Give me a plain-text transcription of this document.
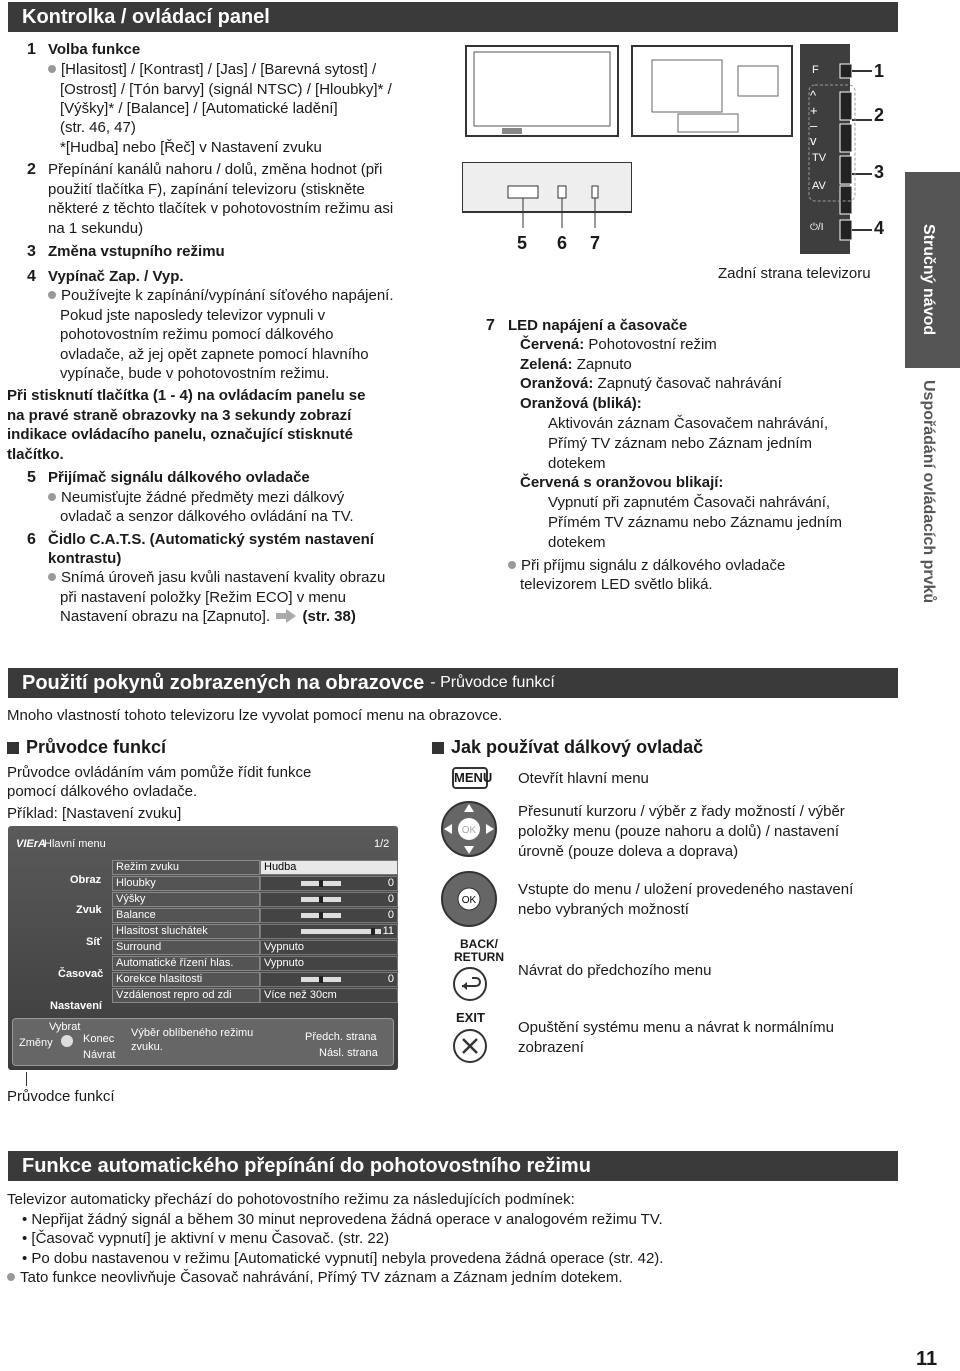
Kontrolka / ovládací panel
1 Volba funkce
[Hlasitost] / [Kontrast] / [Jas] / [Barevná sytost] /
[Ostrost] / [Tón barvy] (signál NTSC) / [Hloubky]* /
[Výšky]* / [Balance] / [Automatické ladění]
(str. 46, 47)
*[Hudba] nebo [Řeč] v Nastavení zvuku
2 Přepínání kanálů nahoru / dolů, změna hodnot (při
použití tlačítka F), zapínání televizoru (stiskněte
některé z těchto tlačítek v pohotovostním režimu asi
na 1 sekundu)
3 Změna vstupního režimu
4 Vypínač Zap. / Vyp.
Používejte k zapínání/vypínání síťového napájení.
Pokud jste naposledy televizor vypnuli v
pohotovostním režimu pomocí dálkového
ovladače, až jej opět zapnete pomocí hlavního
vypínače, bude v pohotovostním režimu.
Při stisknutí tlačítka (1 - 4) na ovládacím panelu se
na pravé straně obrazovky na 3 sekundy zobrazí
indikace ovládacího panelu, označující stisknuté
tlačítko.
5 Přijímač signálu dálkového ovladače
Neumisťujte žádné předměty mezi dálkový
ovladač a senzor dálkového ovládání na TV.
6 Čidlo C.A.T.S. (Automatický systém nastavení
kontrastu)
Snímá úroveň jasu kvůli nastavení kvality obrazu
při nastavení položky [Režim ECO] v menu
Nastavení obrazu na [Zapnuto]. (str. 38)
5 6 7
F
^
+
–
v
TV
AV
⏻/I
1
2
3
4
Zadní strana televizoru
7 LED napájení a časovače
Červená: Pohotovostní režim
Zelená: Zapnuto
Oranžová: Zapnutý časovač nahrávání
Oranžová (bliká):
Aktivován záznam Časovačem nahrávání,
Přímý TV záznam nebo Záznam jedním
dotekem
Červená s oranžovou blikají:
Vypnutí při zapnutém Časovači nahrávání,
Přímém TV záznamu nebo Záznamu jedním
dotekem
Při příjmu signálu z dálkového ovladače
televizorem LED světlo bliká.
Stručný návod
Uspořádání ovládacích prvků
Použití pokynů zobrazených na obrazovce - Průvodce funkcí
Mnoho vlastností tohoto televizoru lze vyvolat pomocí menu na obrazovce.
Průvodce funkcí
Průvodce ovládáním vám pomůže řídit funkce
pomocí dálkového ovladače.
Příklad: [Nastavení zvuku]
VIErA
Hlavní menu	1/2
Obraz
Zvuk
Síť
Časovač
Nastavení
Režim zvuku	Hudba
Hloubky	0
Výšky	0
Balance	0
Hlasitost sluchátek	11
Surround	Vypnuto
Automatické řízení hlas.	Vypnuto
Korekce hlasitosti	0
Vzdálenost repro od zdi	Více než 30cm
Vybrat
Změny	Konec
Návrat
Výběr oblíbeného režimu
zvuku.
Předch. strana
Násl. strana
Průvodce funkcí
Jak používat dálkový ovladač
MENU Otevřít hlavní menu
OK
Přesunutí kurzoru / výběr z řady možností / výběr
položky menu (pouze nahoru a dolů) / nastavení
úrovně (pouze doleva a doprava)
OK
Vstupte do menu / uložení provedeného nastavení
nebo vybraných možností
BACK/
RETURN
Návrat do předchozího menu
EXIT
Opuštění systému menu a návrat k normálnímu
zobrazení
Funkce automatického přepínání do pohotovostního režimu
Televizor automaticky přechází do pohotovostního režimu za následujících podmínek:
• Nepřijat žádný signál a během 30 minut neprovedena žádná operace v analogovém režimu TV.
• [Časovač vypnutí] je aktivní v menu Časovač. (str. 22)
• Po dobu nastavenou v režimu [Automatické vypnutí] nebyla provedena žádná operace (str. 42).
Tato funkce neovlivňuje Časovač nahrávání, Přímý TV záznam a Záznam jedním dotekem.
11
